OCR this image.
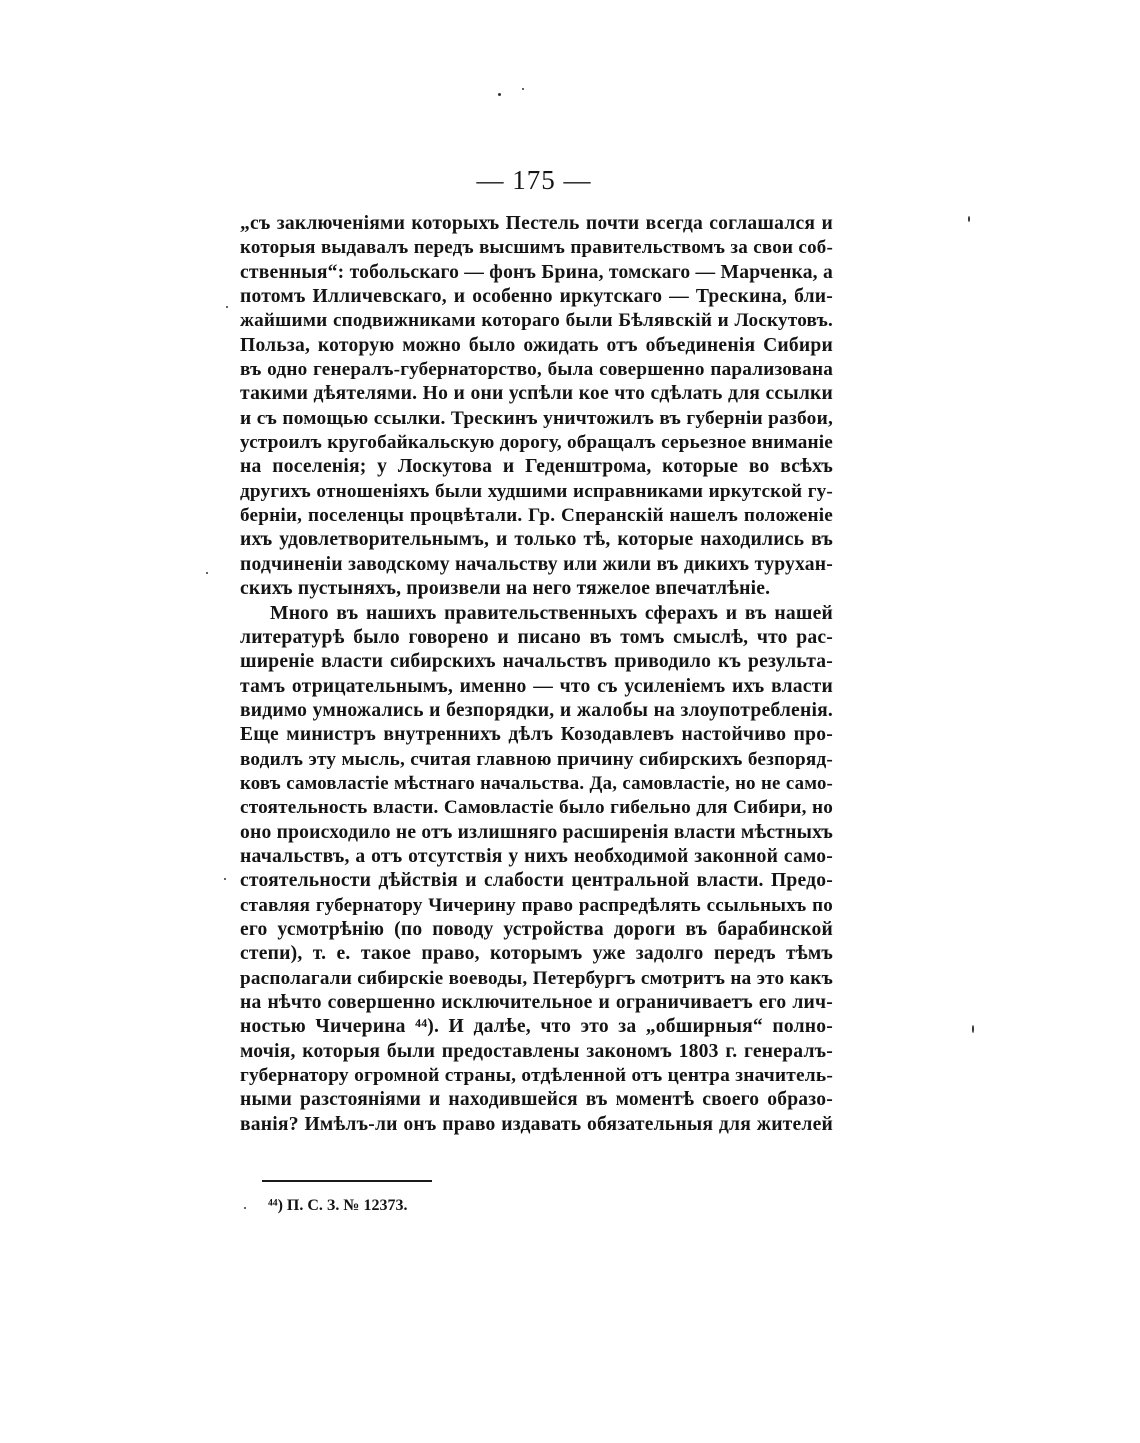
— 175 —
„съ заключеніями которыхъ Пестель почти всегда соглашался и
которыя выдавалъ передъ высшимъ правительствомъ за свои соб-
ственныя“: тобольскаго — фонъ Брина, томскаго — Марченка, а
потомъ Илличевскаго, и особенно иркутскаго — Трескина, бли-
жайшими сподвижниками котораго были Бѣлявскій и Лоскутовъ.
Польза, которую можно было ожидать отъ объединенія Сибири
въ одно генералъ-губернаторство, была совершенно парализована
такими дѣятелями. Но и они успѣли кое что сдѣлать для ссылки
и съ помощью ссылки. Трескинъ уничтожилъ въ губерніи разбои,
устроилъ кругобайкальскую дорогу, обращалъ серьезное вниманіе
на поселенія; у Лоскутова и Геденштрома, которые во всѣхъ
другихъ отношеніяхъ были худшими исправниками иркутской гу-
берніи, поселенцы процвѣтали. Гр. Сперанскій нашелъ положеніе
ихъ удовлетворительнымъ, и только тѣ, которые находились въ
подчиненіи заводскому начальству или жили въ дикихъ турухан-
скихъ пустыняхъ, произвели на него тяжелое впечатлѣніе.
Много въ нашихъ правительственныхъ сферахъ и въ нашей
литературѣ было говорено и писано въ томъ смыслѣ, что рас-
ширеніе власти сибирскихъ начальствъ приводило къ результа-
тамъ отрицательнымъ, именно — что съ усиленіемъ ихъ власти
видимо умножались и безпорядки, и жалобы на злоупотребленія.
Еще министръ внутреннихъ дѣлъ Козодавлевъ настойчиво про-
водилъ эту мысль, считая главною причину сибирскихъ безпоряд-
ковъ самовластіе мѣстнаго начальства. Да, самовластіе, но не само-
стоятельность власти. Самовластіе было гибельно для Сибири, но
оно происходило не отъ излишняго расширенія власти мѣстныхъ
начальствъ, а отъ отсутствія у нихъ необходимой законной само-
стоятельности дѣйствія и слабости центральной власти. Предо-
ставляя губернатору Чичерину право распредѣлять ссыльныхъ по
его усмотрѣнію (по поводу устройства дороги въ барабинской
степи), т. е. такое право, которымъ уже задолго передъ тѣмъ
располагали сибирскіе воеводы, Петербургъ смотритъ на это какъ
на нѣчто совершенно исключительное и ограничиваетъ его лич-
ностью Чичерина ⁴⁴). И далѣе, что это за „обширныя“ полно-
мочія, которыя были предоставлены закономъ 1803 г. генералъ-
губернатору огромной страны, отдѣленной отъ центра значитель-
ными разстояніями и находившейся въ моментѣ своего образо-
ванія? Имѣлъ-ли онъ право издавать обязательныя для жителей
⁴⁴) П. С. З. № 12373.
